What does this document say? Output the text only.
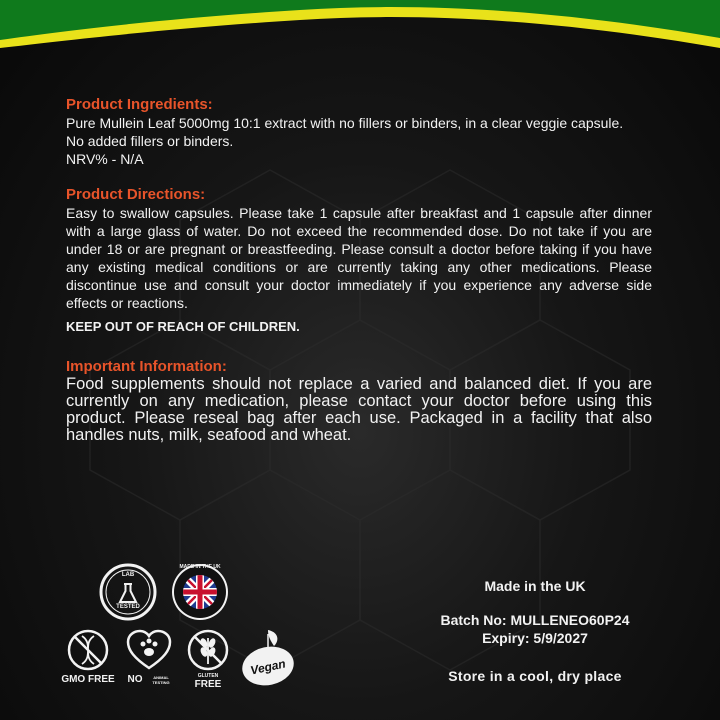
Product Ingredients:

Pure Mullein Leaf 5000mg 10:1 extract with no fillers or binders, in a clear veggie capsule.

No added fillers or binders.

NRV% - N/A

Product Directions:

Easy to swallow capsules. Please take 1 capsule after breakfast and 1 capsule after dinner with a large glass of water. Do not exceed the recommended dose. Do not take if you are under 18 or are pregnant or breastfeeding. Please consult a doctor before taking if you have any existing medical conditions or are currently taking any other medications. Please discontinue use and consult your doctor immediately if you experience any adverse side effects or reactions.

KEEP OUT OF REACH OF CHILDREN.

Important Information:

Food supplements should not replace a varied and balanced diet. If you are currently on any medication, please contact your doctor before using this product. Please reseal bag after each use. Packaged in a facility that also handles nuts, milk, seafood and wheat.

Made in the UK
Batch No: MULLENEO60P24
Expiry: 5/9/2027
Store in a cool, dry place
LAB
TESTED
MADE IN THE UK
GMO FREE	NO	ANIMAL TESTING
GLUTEN
FREE
Vegan
